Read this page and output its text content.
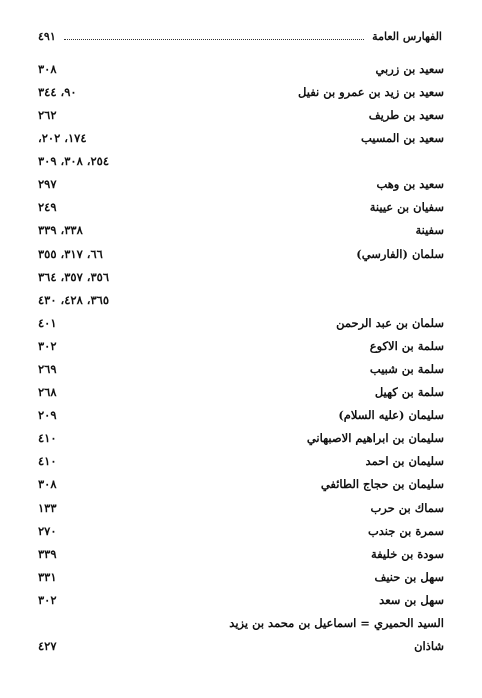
الفهارس العامة
٤٩١
سعيد بن زربي
٣٠٨
سعيد بن زيد بن عمرو بن نفيل
٩٠، ٣٤٤
سعيد بن طريف
٢٦٢
سعيد بن المسيب
١٧٤، ٢٠٢،
٢٥٤، ٣٠٨، ٣٠٩
سعيد بن وهب
٢٩٧
سفيان بن عيينة
٢٤٩
سفينة
٣٣٨، ٣٣٩
سلمان (الفارسي)
٦٦، ٣١٧، ٣٥٥
٣٥٦، ٣٥٧، ٣٦٤
٣٦٥، ٤٢٨، ٤٣٠
سلمان بن عبد الرحمن
٤٠١
سلمة بن الاكوع
٣٠٢
سلمة بن شبيب
٢٦٩
سلمة بن كهيل
٢٦٨
سليمان (عليه السلام)
٢٠٩
سليمان بن ابراهيم الاصبهاني
٤١٠
سليمان بن احمد
٤١٠
سليمان بن حجاج الطائفي
٣٠٨
سماك بن حرب
١٣٣
سمرة بن جندب
٢٧٠
سودة بن خليفة
٣٣٩
سهل بن حنيف
٣٣١
سهل بن سعد
٣٠٢
السيد الحميري = اسماعيل بن محمد بن يزيد
شاذان
٤٢٧
